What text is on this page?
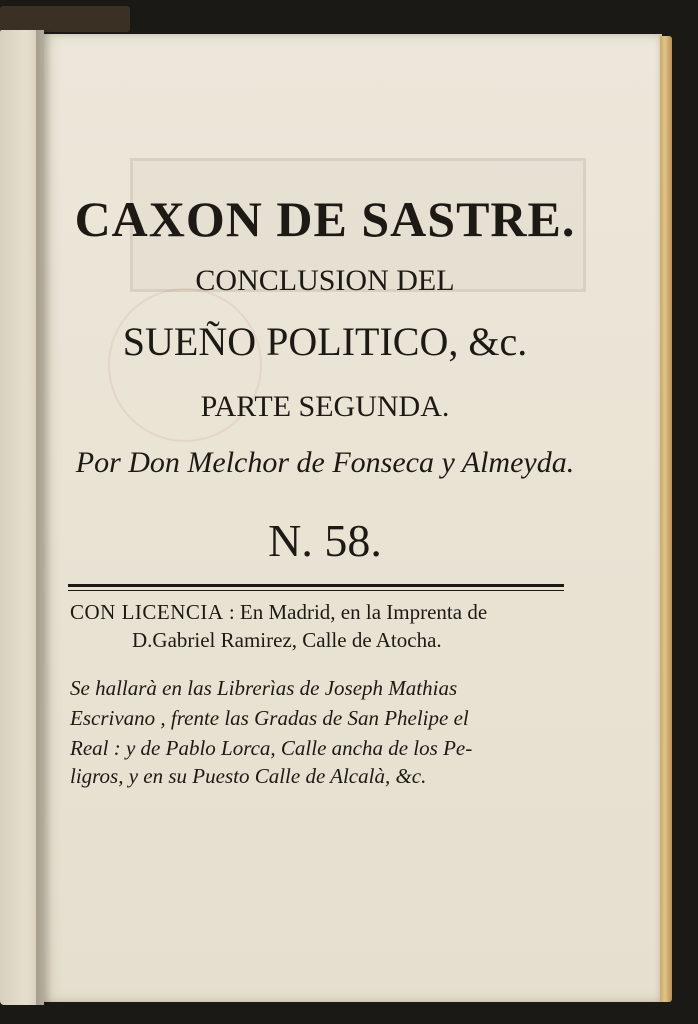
CAXON DE SASTRE.
CONCLUSION DEL
SUEÑO POLITICO, &c.
PARTE SEGUNDA.
Por Don Melchor de Fonseca y Almeyda.
N. 58.
CON LICENCIA : En Madrid, en la Imprenta de
D.Gabriel Ramirez, Calle de Atocha.
Se hallarà en las Librerìas de Joseph Mathias
Escrivano , frente las Gradas de San Phelipe el
Real : y de Pablo Lorca, Calle ancha de los Pe-
ligros, y en su Puesto Calle de Alcalà, &c.
